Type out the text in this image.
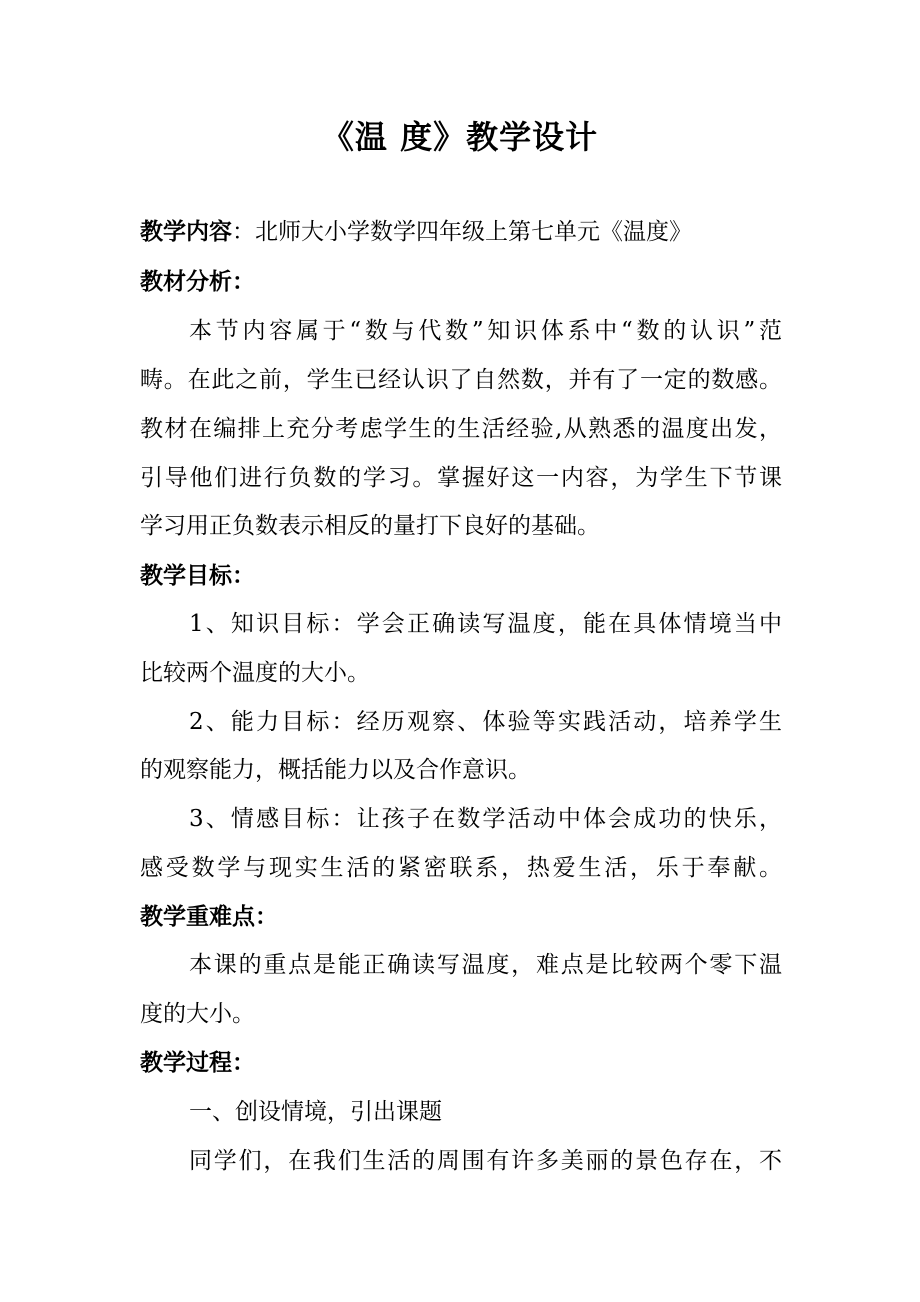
《温 度》教学设计
教学内容：北师大小学数学四年级上第七单元《温度》
教材分析：
本节内容属于“数与代数”知识体系中“数的认识”范
畴。在此之前，学生已经认识了自然数，并有了一定的数感。
教材在编排上充分考虑学生的生活经验,从熟悉的温度出发，
引导他们进行负数的学习。掌握好这一内容，为学生下节课
学习用正负数表示相反的量打下良好的基础。
教学目标：
1、知识目标：学会正确读写温度，能在具体情境当中
比较两个温度的大小。
2、能力目标：经历观察、体验等实践活动，培养学生
的观察能力，概括能力以及合作意识。
3、情感目标：让孩子在数学活动中体会成功的快乐，
感受数学与现实生活的紧密联系，热爱生活，乐于奉献。
教学重难点：
本课的重点是能正确读写温度，难点是比较两个零下温
度的大小。
教学过程：
一、创设情境，引出课题
同学们，在我们生活的周围有许多美丽的景色存在，不
